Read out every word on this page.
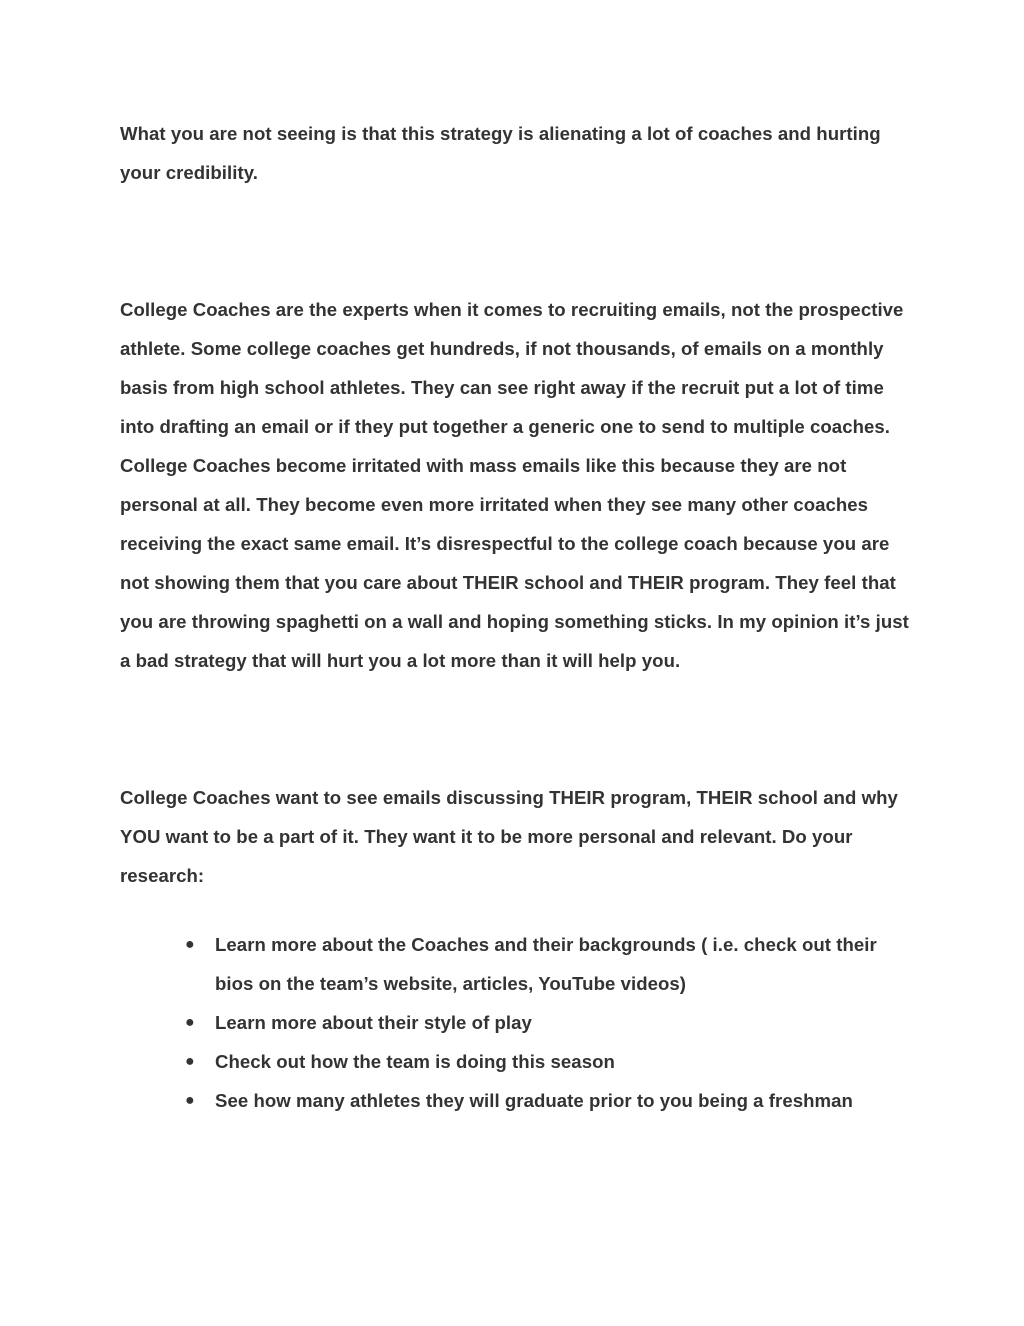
What you are not seeing is that this strategy is alienating a lot of coaches and hurting your credibility.

College Coaches are the experts when it comes to recruiting emails, not the prospective athlete. Some college coaches get hundreds, if not thousands, of emails on a monthly basis from high school athletes. They can see right away if the recruit put a lot of time into drafting an email or if they put together a generic one to send to multiple coaches. College Coaches become irritated with mass emails like this because they are not personal at all. They become even more irritated when they see many other coaches receiving the exact same email. It’s disrespectful to the college coach because you are not showing them that you care about THEIR school and THEIR program. They feel that you are throwing spaghetti on a wall and hoping something sticks. In my opinion it’s just a bad strategy that will hurt you a lot more than it will help you.

College Coaches want to see emails discussing THEIR program, THEIR school and why YOU want to be a part of it. They want it to be more personal and relevant. Do your research:

● Learn more about the Coaches and their backgrounds ( i.e. check out their bios on the team’s website, articles, YouTube videos)
● Learn more about their style of play
● Check out how the team is doing this season
● See how many athletes they will graduate prior to you being a freshman
